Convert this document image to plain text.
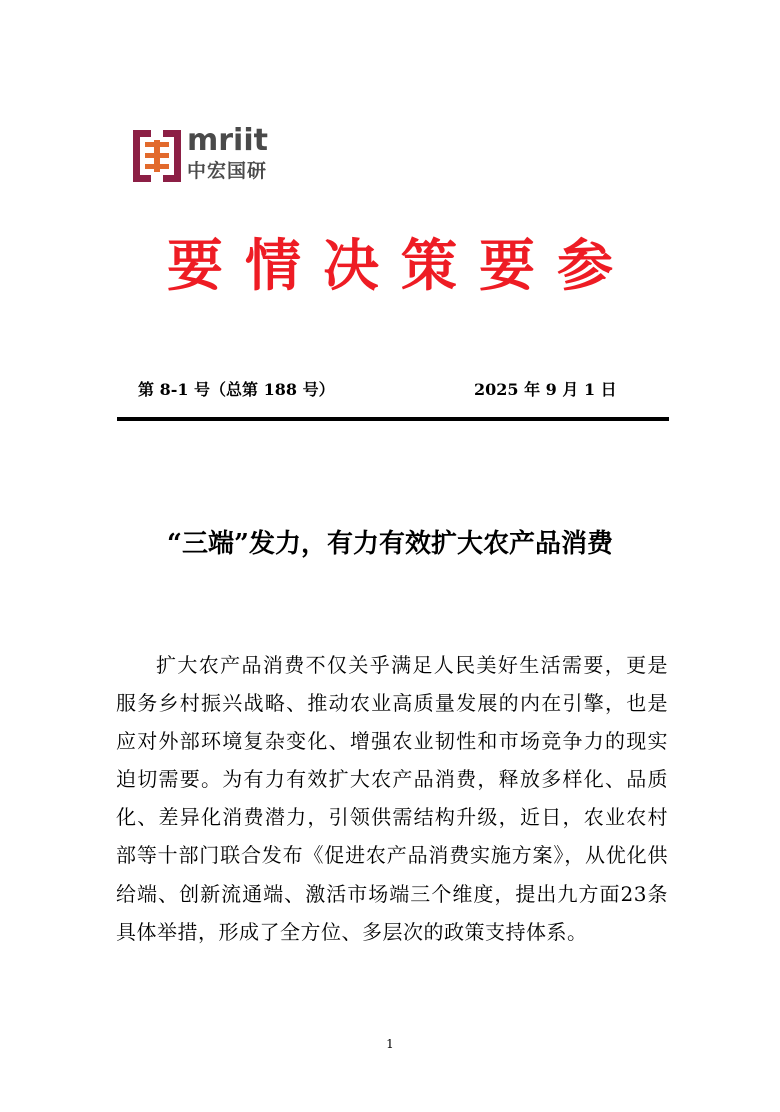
mriit
中宏国研
要情决策要参
第 8-1 号（总第 188 号）	2025 年 9 月 1 日
“三端”发力，有力有效扩大农产品消费
扩大农产品消费不仅关乎满足人民美好生活需要，更是服务乡村振兴战略、推动农业高质量发展的内在引擎，也是应对外部环境复杂变化、增强农业韧性和市场竞争力的现实迫切需要。为有力有效扩大农产品消费，释放多样化、品质化、差异化消费潜力，引领供需结构升级，近日，农业农村部等十部门联合发布《促进农产品消费实施方案》，从优化供给端、创新流通端、激活市场端三个维度，提出九方面23条具体举措，形成了全方位、多层次的政策支持体系。
1
